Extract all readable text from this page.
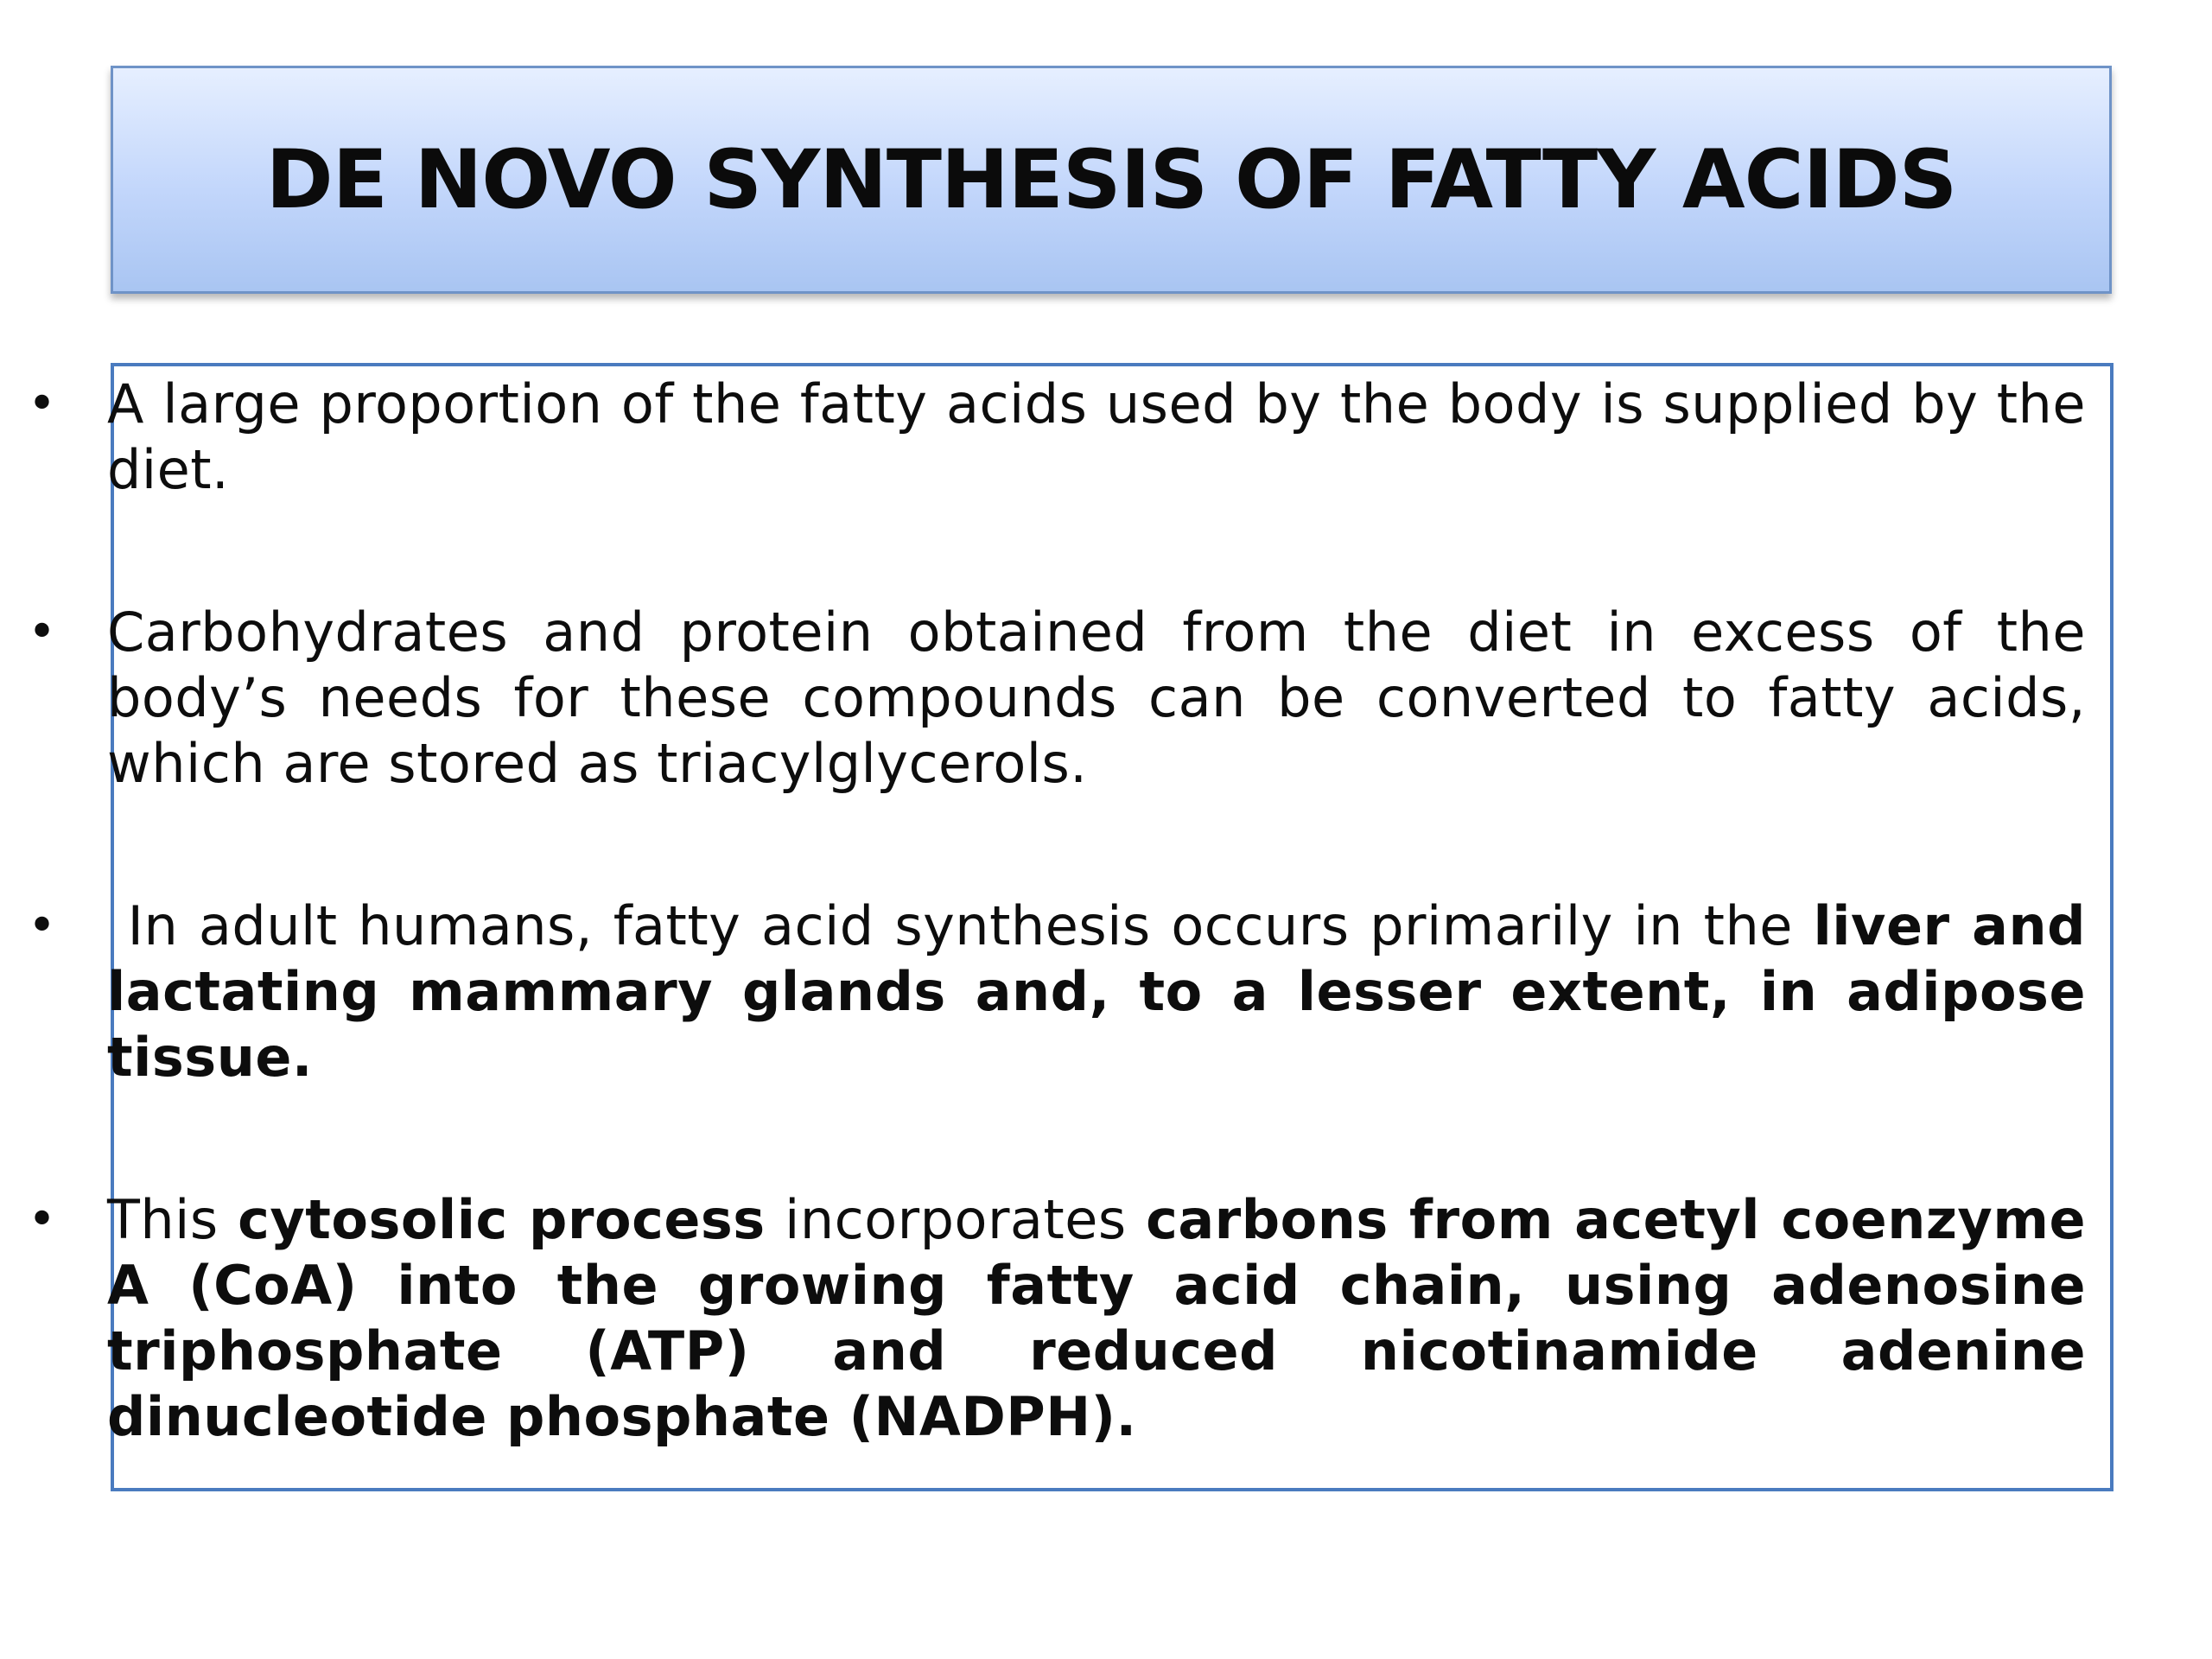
DE NOVO SYNTHESIS OF FATTY ACIDS
• A large proportion of the fatty acids used by the body is supplied by the diet.
• Carbohydrates and protein obtained from the diet in excess of the body’s needs for these compounds can be converted to fatty acids, which are stored as triacylglycerols.
• In adult humans, fatty acid synthesis occurs primarily in the liver and lactating mammary glands and, to a lesser extent, in adipose tissue.
• This cytosolic process incorporates carbons from acetyl coenzyme A (CoA) into the growing fatty acid chain, using adenosine triphosphate (ATP) and reduced nicotinamide adenine dinucleotide phosphate (NADPH).
